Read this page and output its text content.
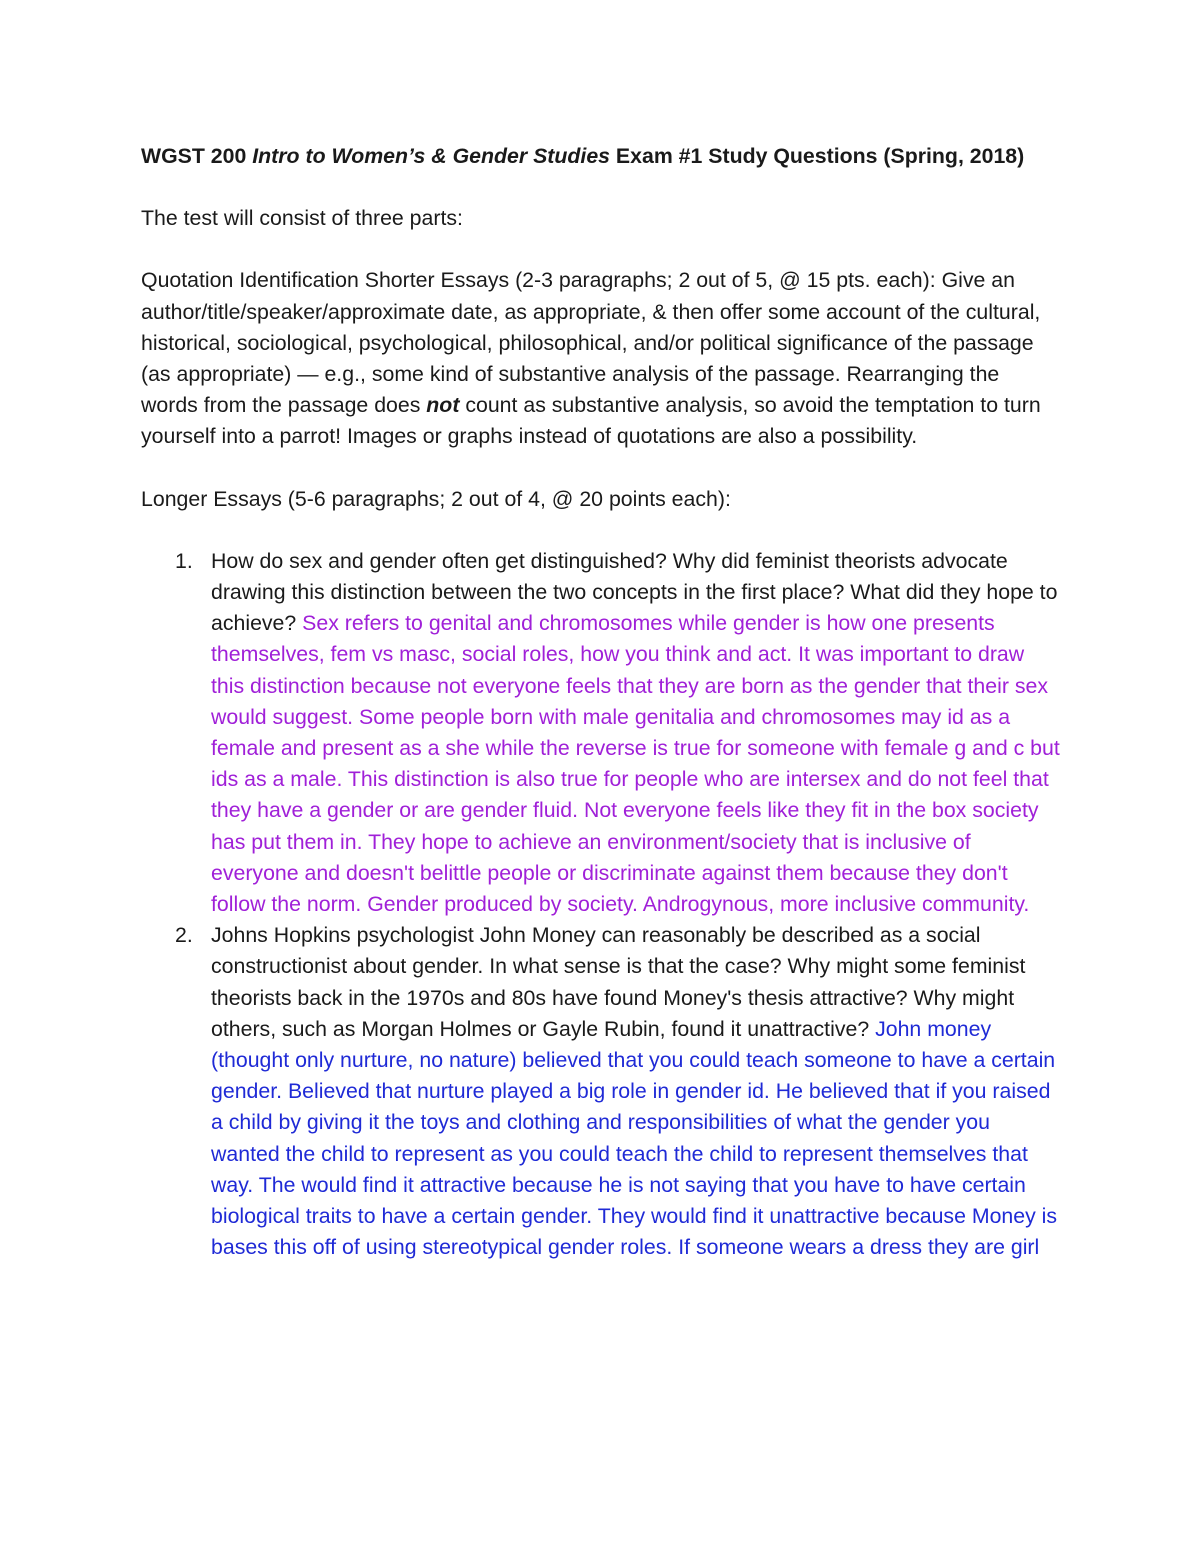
WGST 200 Intro to Women’s & Gender Studies Exam #1 Study Questions (Spring, 2018)

The test will consist of three parts:

Quotation Identification Shorter Essays (2-3 paragraphs; 2 out of 5, @ 15 pts. each): Give an author/title/speaker/approximate date, as appropriate, & then offer some account of the cultural, historical, sociological, psychological, philosophical, and/or political significance of the passage (as appropriate) — e.g., some kind of substantive analysis of the passage. Rearranging the words from the passage does not count as substantive analysis, so avoid the temptation to turn yourself into a parrot! Images or graphs instead of quotations are also a possibility.

Longer Essays (5-6 paragraphs; 2 out of 4, @ 20 points each):

1. How do sex and gender often get distinguished? Why did feminist theorists advocate drawing this distinction between the two concepts in the first place? What did they hope to achieve? Sex refers to genital and chromosomes while gender is how one presents themselves, fem vs masc, social roles, how you think and act. It was important to draw this distinction because not everyone feels that they are born as the gender that their sex would suggest. Some people born with male genitalia and chromosomes may id as a female and present as a she while the reverse is true for someone with female g and c but ids as a male. This distinction is also true for people who are intersex and do not feel that they have a gender or are gender fluid. Not everyone feels like they fit in the box society has put them in. They hope to achieve an environment/society that is inclusive of everyone and doesn't belittle people or discriminate against them because they don't follow the norm. Gender produced by society. Androgynous, more inclusive community.
2. Johns Hopkins psychologist John Money can reasonably be described as a social constructionist about gender. In what sense is that the case? Why might some feminist theorists back in the 1970s and 80s have found Money's thesis attractive? Why might others, such as Morgan Holmes or Gayle Rubin, found it unattractive? John money (thought only nurture, no nature) believed that you could teach someone to have a certain gender. Believed that nurture played a big role in gender id. He believed that if you raised a child by giving it the toys and clothing and responsibilities of what the gender you wanted the child to represent as you could teach the child to represent themselves that way. The would find it attractive because he is not saying that you have to have certain biological traits to have a certain gender. They would find it unattractive because Money is bases this off of using stereotypical gender roles. If someone wears a dress they are girl
